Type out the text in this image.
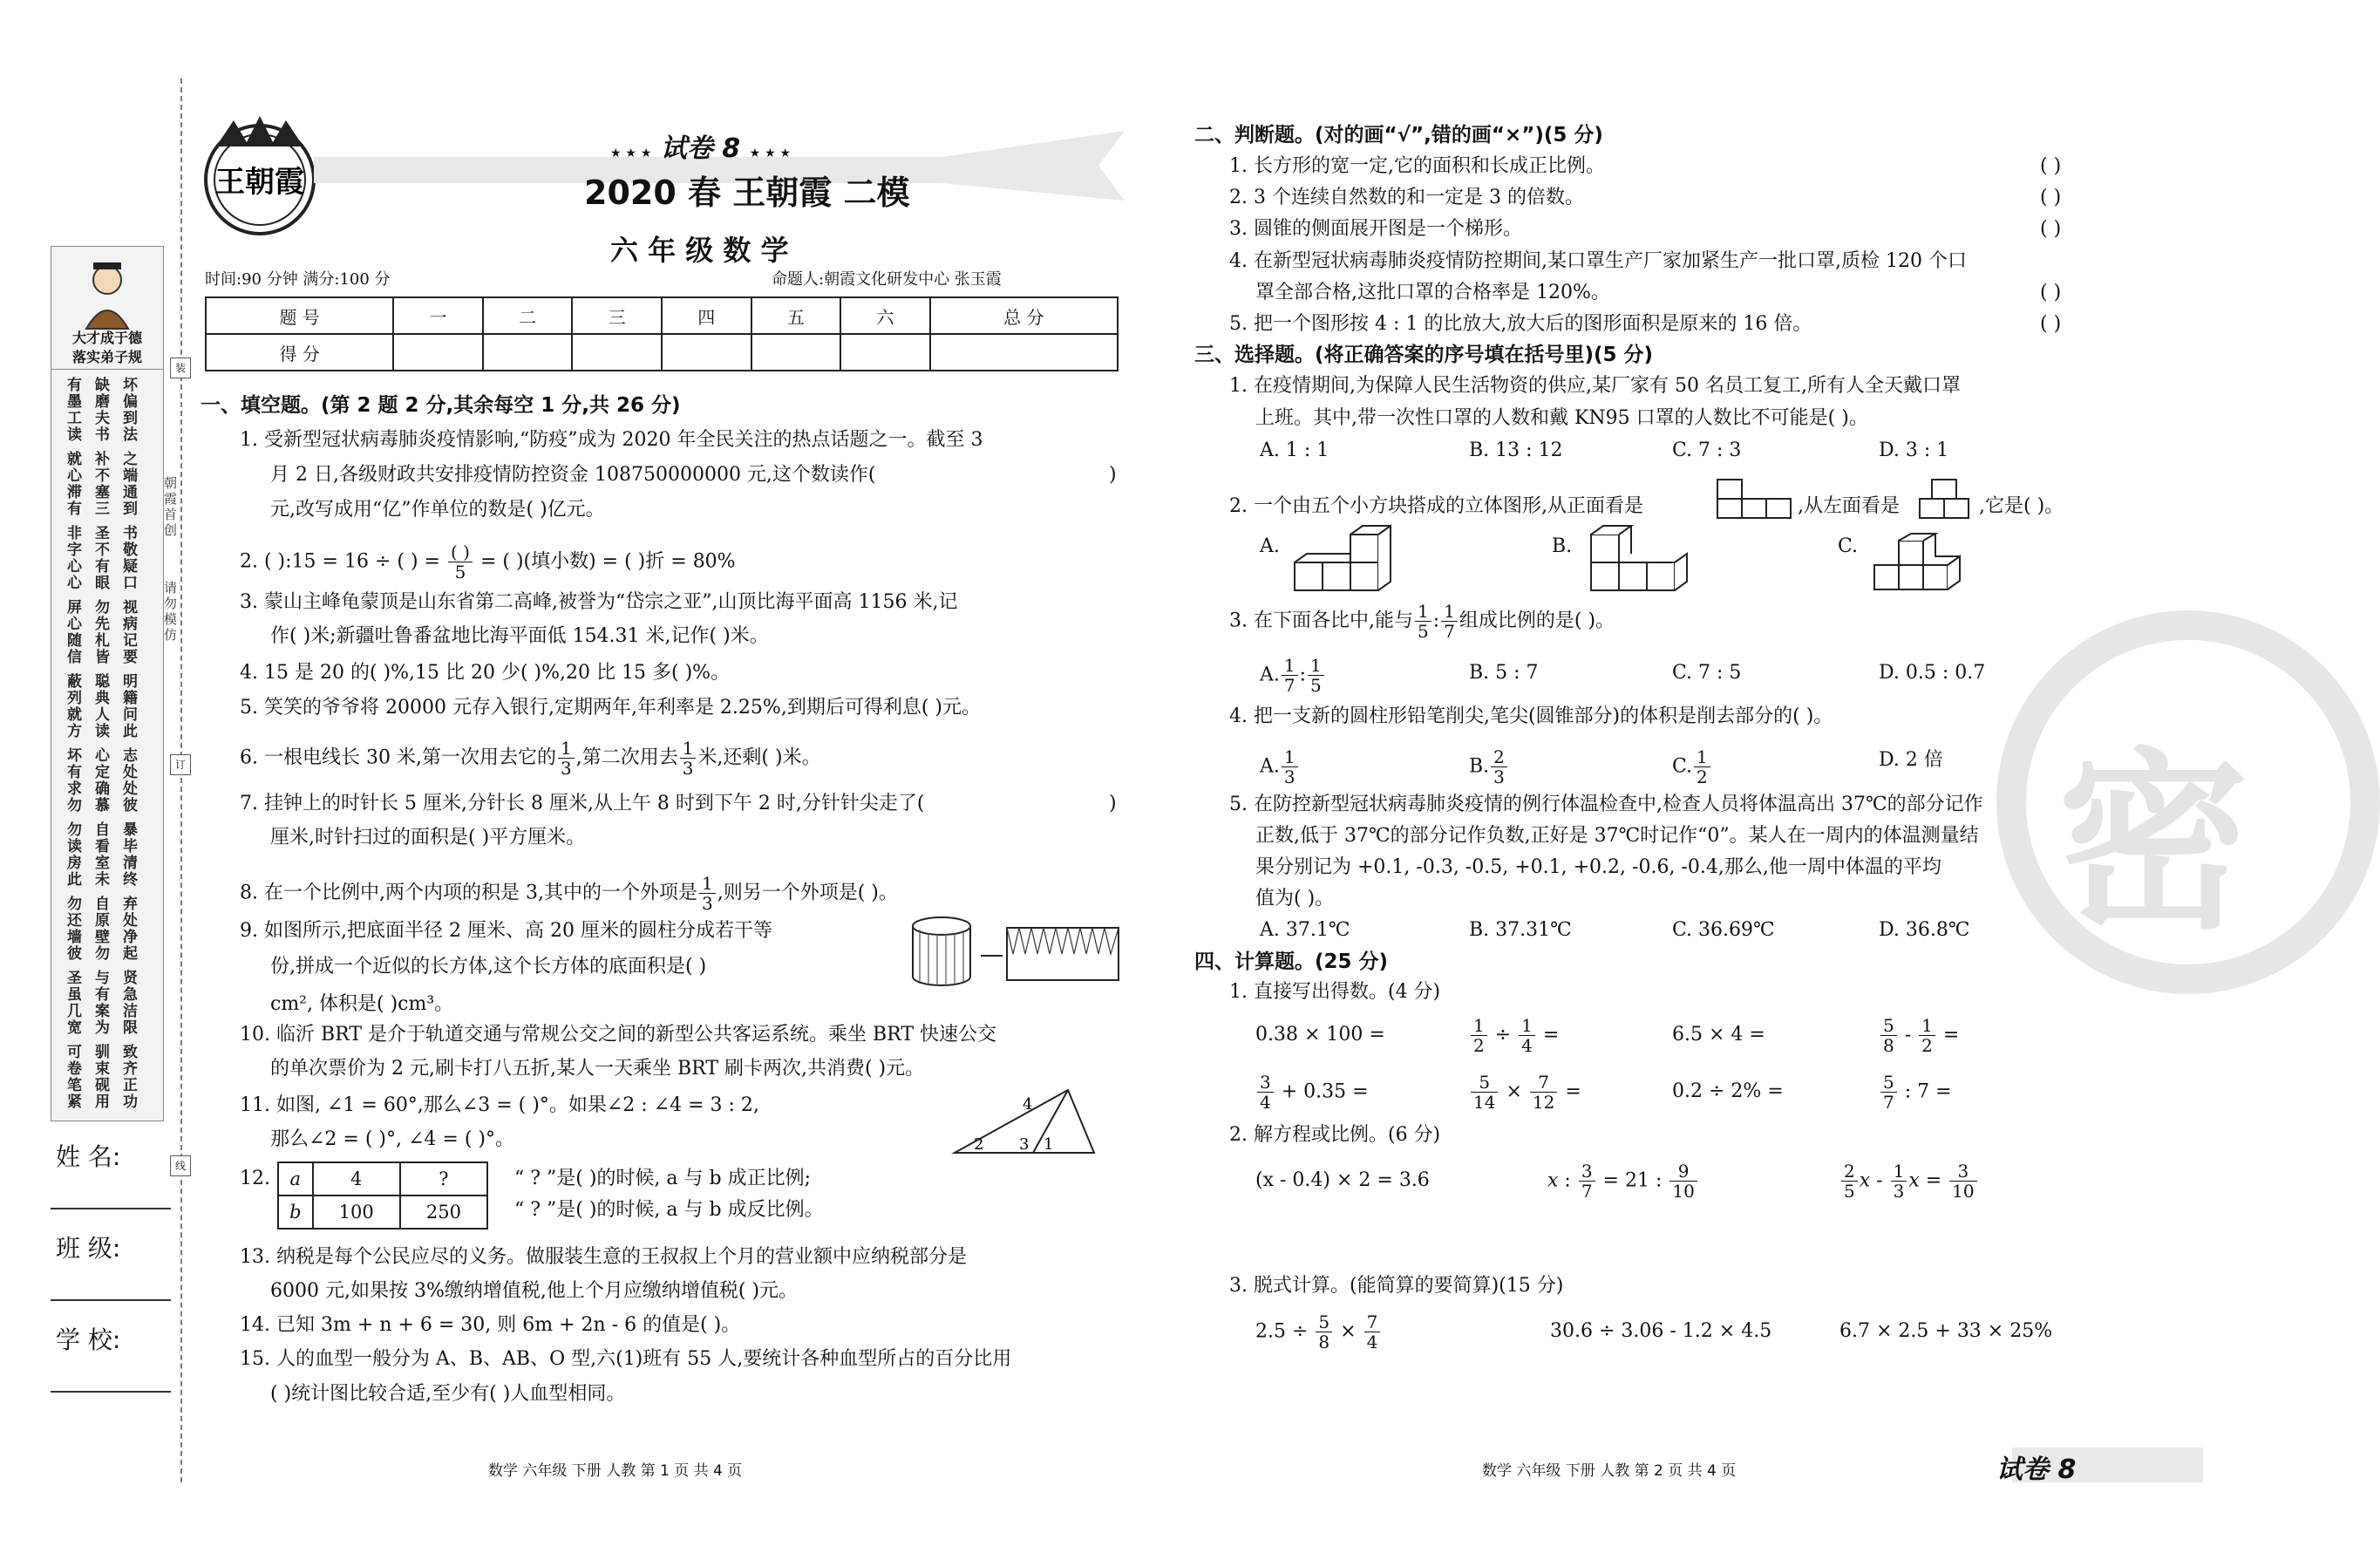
密
装
订
线
朝霞首创
请勿模仿
大才成于德
落实弟子规
有墨工读
缺磨夫书
坏偏到法
就心滞有
补不塞三
之端通到
非字心心
圣不有眼
书敬疑口
屏心随信
勿先札皆
视病记要
蔽列就方
聪典人读
明籍问此
坏有求勿
心定确慕
志处处彼
勿读房此
自看室未
暴毕清终
勿还墙彼
自原壁勿
弃处净起
圣虽几宽
与有案为
贤急洁限
可卷笔紧
驯束砚用
致齐正功
姓 名:
班 级:
学 校:
王朝霞
★ ★ ★ 试卷 8 ★ ★ ★
2020 春 王朝霞 二模
六 年 级 数 学
时间:90 分钟 满分:100 分	命题人:朝霞文化研发中心 张玉霞
题 号	一	二	三	四	五	六	总 分
得 分							
一、填空题。(第 2 题 2 分,其余每空 1 分,共 26 分)
1. 受新型冠状病毒肺炎疫情影响,“防疫”成为 2020 年全民关注的热点话题之一。截至 3
月 2 日,各级财政共安排疫情防控资金 108750000000 元,这个数读作(	)
元,改写成用“亿”作单位的数是( )亿元。
2. ( ):15 = 16 ÷ ( ) = $\frac{( )}{5}$ = ( )(填小数) = ( )折 = 80%
3. 蒙山主峰龟蒙顶是山东省第二高峰,被誉为“岱宗之亚”,山顶比海平面高 1156 米,记
作( )米;新疆吐鲁番盆地比海平面低 154.31 米,记作( )米。
4. 15 是 20 的( )%,15 比 20 少( )%,20 比 15 多( )%。
5. 笑笑的爷爷将 20000 元存入银行,定期两年,年利率是 2.25%,到期后可得利息( )元。
6. 一根电线长 30 米,第一次用去它的 $\frac{1}{3}$ ,第二次用去 $\frac{1}{3}$ 米,还剩( )米。
7. 挂钟上的时针长 5 厘米,分针长 8 厘米,从上午 8 时到下午 2 时,分针针尖走了(	)
厘米,时针扫过的面积是( )平方厘米。
8. 在一个比例中,两个内项的积是 3,其中的一个外项是 $\frac{1}{3}$ ,则另一个外项是( )。
9. 如图所示,把底面半径 2 厘米、高 20 厘米的圆柱分成若干等
份,拼成一个近似的长方体,这个长方体的底面积是( )
cm², 体积是( )cm³。
10. 临沂 BRT 是介于轨道交通与常规公交之间的新型公共客运系统。乘坐 BRT 快速公交
的单次票价为 2 元,刷卡打八五折,某人一天乘坐 BRT 刷卡两次,共消费( )元。
11. 如图, ∠1 = 60°,那么∠3 = ( )°。如果∠2 : ∠4 = 3 : 2,
那么∠2 = ( )°, ∠4 = ( )°。
4
2 3 1
12. a	4	?
b	100	250
“ ? ”是( )的时候, a 与 b 成正比例;
“ ? ”是( )的时候, a 与 b 成反比例。
13. 纳税是每个公民应尽的义务。做服装生意的王叔叔上个月的营业额中应纳税部分是
6000 元,如果按 3%缴纳增值税,他上个月应缴纳增值税( )元。
14. 已知 3m + n + 6 = 30, 则 6m + 2n - 6 的值是( )。
15. 人的血型一般分为 A、B、AB、O 型,六(1)班有 55 人,要统计各种血型所占的百分比用
( )统计图比较合适,至少有( )人血型相同。
数学 六年级 下册 人教 第 1 页 共 4 页
二、判断题。(对的画“√”,错的画“×”)(5 分)
1. 长方形的宽一定,它的面积和长成正比例。	( )
2. 3 个连续自然数的和一定是 3 的倍数。	( )
3. 圆锥的侧面展开图是一个梯形。	( )
4. 在新型冠状病毒肺炎疫情防控期间,某口罩生产厂家加紧生产一批口罩,质检 120 个口
罩全部合格,这批口罩的合格率是 120%。	( )
5. 把一个图形按 4 : 1 的比放大,放大后的图形面积是原来的 16 倍。	( )
三、选择题。(将正确答案的序号填在括号里)(5 分)
1. 在疫情期间,为保障人民生活物资的供应,某厂家有 50 名员工复工,所有人全天戴口罩
上班。其中,带一次性口罩的人数和戴 KN95 口罩的人数比不可能是( )。
A. 1 : 1	B. 13 : 12	C. 7 : 3	D. 3 : 1
2. 一个由五个小方块搭成的立体图形,从正面看是	,从左面看是	,它是( )。
A.	B.	C.
3. 在下面各比中,能与 $\frac{1}{5}$ : $\frac{1}{7}$ 组成比例的是( )。
A. $\frac{1}{7}$ : $\frac{1}{5}$	B. 5 : 7	C. 7 : 5	D. 0.5 : 0.7
4. 把一支新的圆柱形铅笔削尖,笔尖(圆锥部分)的体积是削去部分的( )。
A. $\frac{1}{3}$	B. $\frac{2}{3}$	C. $\frac{1}{2}$	D. 2 倍
5. 在防控新型冠状病毒肺炎疫情的例行体温检查中,检查人员将体温高出 37℃的部分记作
正数,低于 37℃的部分记作负数,正好是 37℃时记作“0”。某人在一周内的体温测量结
果分别记为 +0.1, -0.3, -0.5, +0.1, +0.2, -0.6, -0.4,那么,他一周中体温的平均
值为( )。
A. 37.1℃	B. 37.31℃	C. 36.69℃	D. 36.8℃
四、计算题。(25 分)
1. 直接写出得数。(4 分)
0.38 × 100 =	$\frac{1}{2} \div \frac{1}{4}$ =	6.5 × 4 =	$\frac{5}{8} - \frac{1}{2}$ =
$\frac{3}{4} + 0.35$ =	$\frac{5}{14} \times \frac{7}{12}$ =	0.2 ÷ 2% =	$\frac{5}{7}$ : 7 =
2. 解方程或比例。(6 分)
(x - 0.4) × 2 = 3.6	x : $\frac{3}{7} = 21$ : $\frac{9}{10}$	$\frac{2}{5}$ x - $\frac{1}{3}$ $x = \frac{3}{10}$
3. 脱式计算。(能简算的要简算)(15 分)
$2.5 \div \frac{5}{8} \times \frac{7}{4}$	30.6 ÷ 3.06 - 1.2 × 4.5	6.7 × 2.5 + 33 × 25%
数学 六年级 下册 人教 第 2 页 共 4 页	试卷 8
